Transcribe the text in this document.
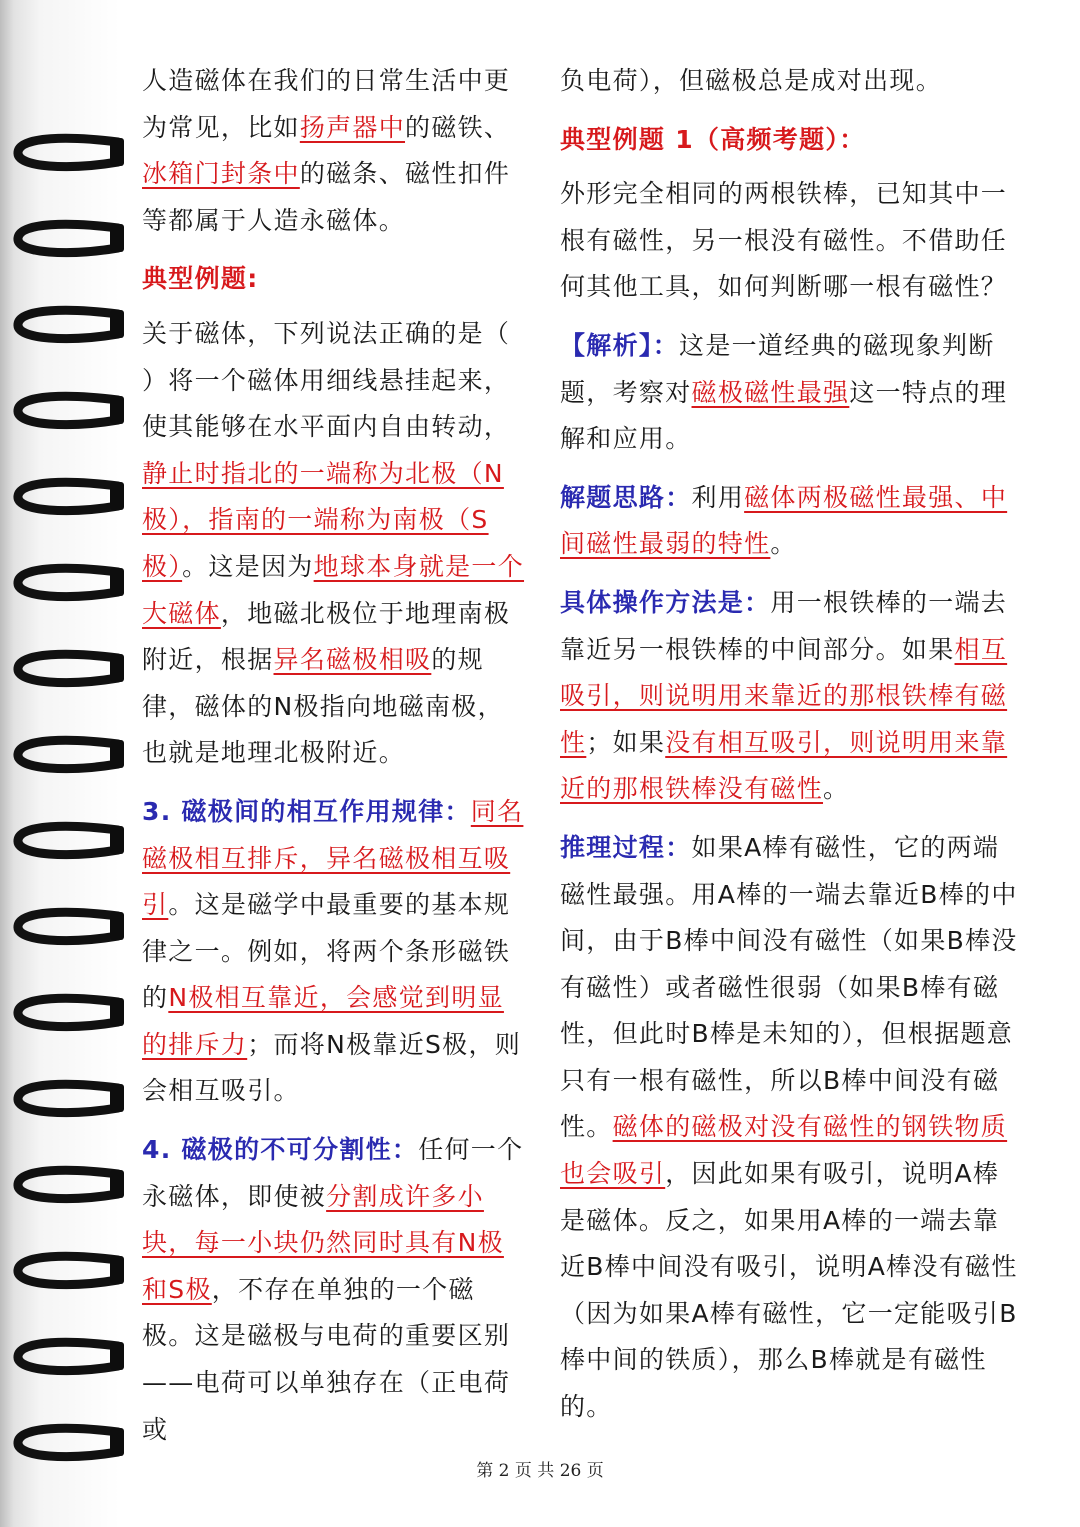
人造磁体在我们的日常生活中更为常见，比如扬声器中的磁铁、冰箱门封条中的磁条、磁性扣件等都属于人造永磁体。

典型例题:

关于磁体，下列说法正确的是（ ）将一个磁体用细线悬挂起来，使其能够在水平面内自由转动，静止时指北的一端称为北极（N极），指南的一端称为南极（S极）。这是因为地球本身就是一个大磁体，地磁北极位于地理南极附近，根据异名磁极相吸的规律，磁体的N极指向地磁南极，也就是地理北极附近。

3. 磁极间的相互作用规律：同名磁极相互排斥，异名磁极相互吸引。这是磁学中最重要的基本规律之一。例如，将两个条形磁铁的N极相互靠近，会感觉到明显的排斥力；而将N极靠近S极，则会相互吸引。

4. 磁极的不可分割性：任何一个永磁体，即使被分割成许多小块，每一小块仍然同时具有N极和S极，不存在单独的一个磁极。这是磁极与电荷的重要区别——电荷可以单独存在（正电荷或

负电荷），但磁极总是成对出现。

典型例题 1（高频考题）：

外形完全相同的两根铁棒，已知其中一根有磁性，另一根没有磁性。不借助任何其他工具，如何判断哪一根有磁性？

【解析】：这是一道经典的磁现象判断题，考察对磁极磁性最强这一特点的理解和应用。

解题思路：利用磁体两极磁性最强、中间磁性最弱的特性。

具体操作方法是：用一根铁棒的一端去靠近另一根铁棒的中间部分。如果相互吸引，则说明用来靠近的那根铁棒有磁性；如果没有相互吸引，则说明用来靠近的那根铁棒没有磁性。

推理过程：如果A棒有磁性，它的两端磁性最强。用A棒的一端去靠近B棒的中间，由于B棒中间没有磁性（如果B棒没有磁性）或者磁性很弱（如果B棒有磁性，但此时B棒是未知的），但根据题意只有一根有磁性，所以B棒中间没有磁性。磁体的磁极对没有磁性的钢铁物质也会吸引，因此如果有吸引，说明A棒是磁体。反之，如果用A棒的一端去靠近B棒中间没有吸引，说明A棒没有磁性（因为如果A棒有磁性，它一定能吸引B棒中间的铁质），那么B棒就是有磁性的。

第 2 页 共 26 页
